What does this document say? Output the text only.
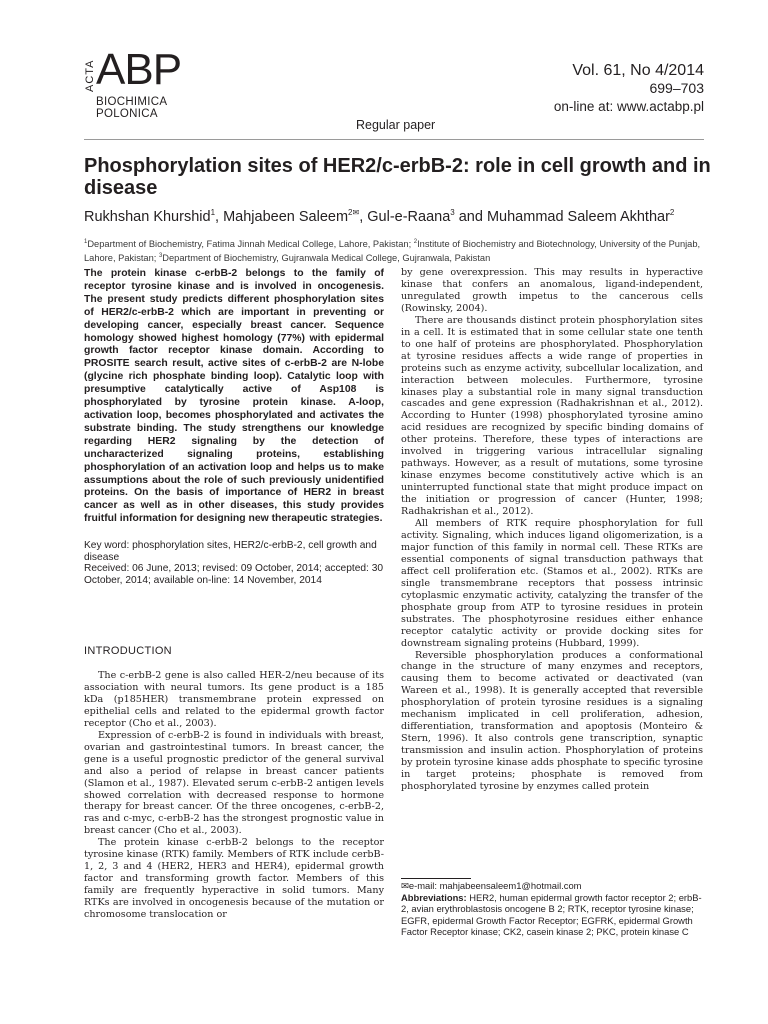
ACTA ABP
BIOCHIMICA
POLONICA
Vol. 61, No 4/2014
699–703
on-line at: www.actabp.pl
Regular paper
Phosphorylation sites of HER2/c-erbB-2: role in cell growth and in disease
Rukhshan Khurshid$^1$, Mahjabeen Saleem$^{2✉}$, Gul-e-Raana$^3$ and Muhammad Saleem Akhthar$^2$
$^1$Department of Biochemistry, Fatima Jinnah Medical College, Lahore, Pakistan; $^2$Institute of Biochemistry and Biotechnology, University of the Punjab, Lahore, Pakistan; $^3$Department of Biochemistry, Gujranwala Medical College, Gujranwala, Pakistan
The protein kinase c-erbB-2 belongs to the family of receptor tyrosine kinase and is involved in oncogenesis. The present study predicts different phosphorylation sites of HER2/c-erbB-2 which are important in preventing or developing cancer, especially breast cancer. Sequence homology showed highest homology (77%) with epidermal growth factor receptor kinase domain. According to PROSITE search result, active sites of c-erbB-2 are N-lobe (glycine rich phosphate binding loop). Catalytic loop with presumptive catalytically active of Asp108 is phosphorylated by tyrosine protein kinase. A-loop, activation loop, becomes phosphorylated and activates the substrate binding. The study strengthens our knowledge regarding HER2 signaling by the detection of uncharacterized signaling proteins, establishing phosphorylation of an activation loop and helps us to make assumptions about the role of such previously unidentified proteins. On the basis of importance of HER2 in breast cancer as well as in other diseases, this study provides fruitful information for designing new therapeutic strategies.
Key word: phosphorylation sites, HER2/c-erbB-2, cell growth and disease
Received: 06 June, 2013; revised: 09 October, 2014; accepted: 30 October, 2014; available on-line: 14 November, 2014
INTRODUCTION

The c-erbB-2 gene is also called HER-2/neu because of its association with neural tumors. Its gene product is a 185 kDa (p185HER) transmembrane protein expressed on epithelial cells and related to the epidermal growth factor receptor (Cho et al., 2003).

Expression of c-erbB-2 is found in individuals with breast, ovarian and gastrointestinal tumors. In breast cancer, the gene is a useful prognostic predictor of the general survival and also a period of relapse in breast cancer patients (Slamon et al., 1987). Elevated serum c-erbB-2 antigen levels showed correlation with decreased response to hormone therapy for breast cancer. Of the three oncogenes, c-erbB-2, ras and c-myc, c-erbB-2 has the strongest prognostic value in breast cancer (Cho et al., 2003).

The protein kinase c-erbB-2 belongs to the receptor tyrosine kinase (RTK) family. Members of RTK include cerbB-1, 2, 3 and 4 (HER2, HER3 and HER4), epidermal growth factor and transforming growth factor. Members of this family are frequently hyperactive in solid tumors. Many RTKs are involved in oncogenesis because of the mutation or chromosome translocation or

by gene overexpression. This may results in hyperactive kinase that confers an anomalous, ligand-independent, unregulated growth impetus to the cancerous cells (Rowinsky, 2004).

There are thousands distinct protein phosphorylation sites in a cell. It is estimated that in some cellular state one tenth to one half of proteins are phosphorylated. Phosphorylation at tyrosine residues affects a wide range of properties in proteins such as enzyme activity, subcellular localization, and interaction between molecules. Furthermore, tyrosine kinases play a substantial role in many signal transduction cascades and gene expression (Radhakrishnan et al., 2012). According to Hunter (1998) phosphorylated tyrosine amino acid residues are recognized by specific binding domains of other proteins. Therefore, these types of interactions are involved in triggering various intracellular signaling pathways. However, as a result of mutations, some tyrosine kinase enzymes become constitutively active which is an uninterrupted functional state that might produce impact on the initiation or progression of cancer (Hunter, 1998; Radhakrishan et al., 2012).

All members of RTK require phosphorylation for full activity. Signaling, which induces ligand oligomerization, is a major function of this family in normal cell. These RTKs are essential components of signal transduction pathways that affect cell proliferation etc. (Stamos et al., 2002). RTKs are single transmembrane receptors that possess intrinsic cytoplasmic enzymatic activity, catalyzing the transfer of the phosphate group from ATP to tyrosine residues in protein substrates. The phosphotyrosine residues either enhance receptor catalytic activity or provide docking sites for downstream signaling proteins (Hubbard, 1999).

Reversible phosphorylation produces a conformational change in the structure of many enzymes and receptors, causing them to become activated or deactivated (van Wareen et al., 1998). It is generally accepted that reversible phosphorylation of protein tyrosine residues is a signaling mechanism implicated in cell proliferation, adhesion, differentiation, transformation and apoptosis (Monteiro & Stern, 1996). It also controls gene transcription, synaptic transmission and insulin action. Phosphorylation of proteins by protein tyrosine kinase adds phosphate to specific tyrosine in target proteins; phosphate is removed from phosphorylated tyrosine by enzymes called protein

✉e-mail: mahjabeensaleem1@hotmail.com
Abbreviations: HER2, human epidermal growth factor receptor 2; erbB-2, avian erythroblastosis oncogene B 2; RTK, receptor tyrosine kinase; EGFR, epidermal Growth Factor Receptor; EGFRK, epidermal Growth Factor Receptor kinase; CK2, casein kinase 2; PKC, protein kinase C
